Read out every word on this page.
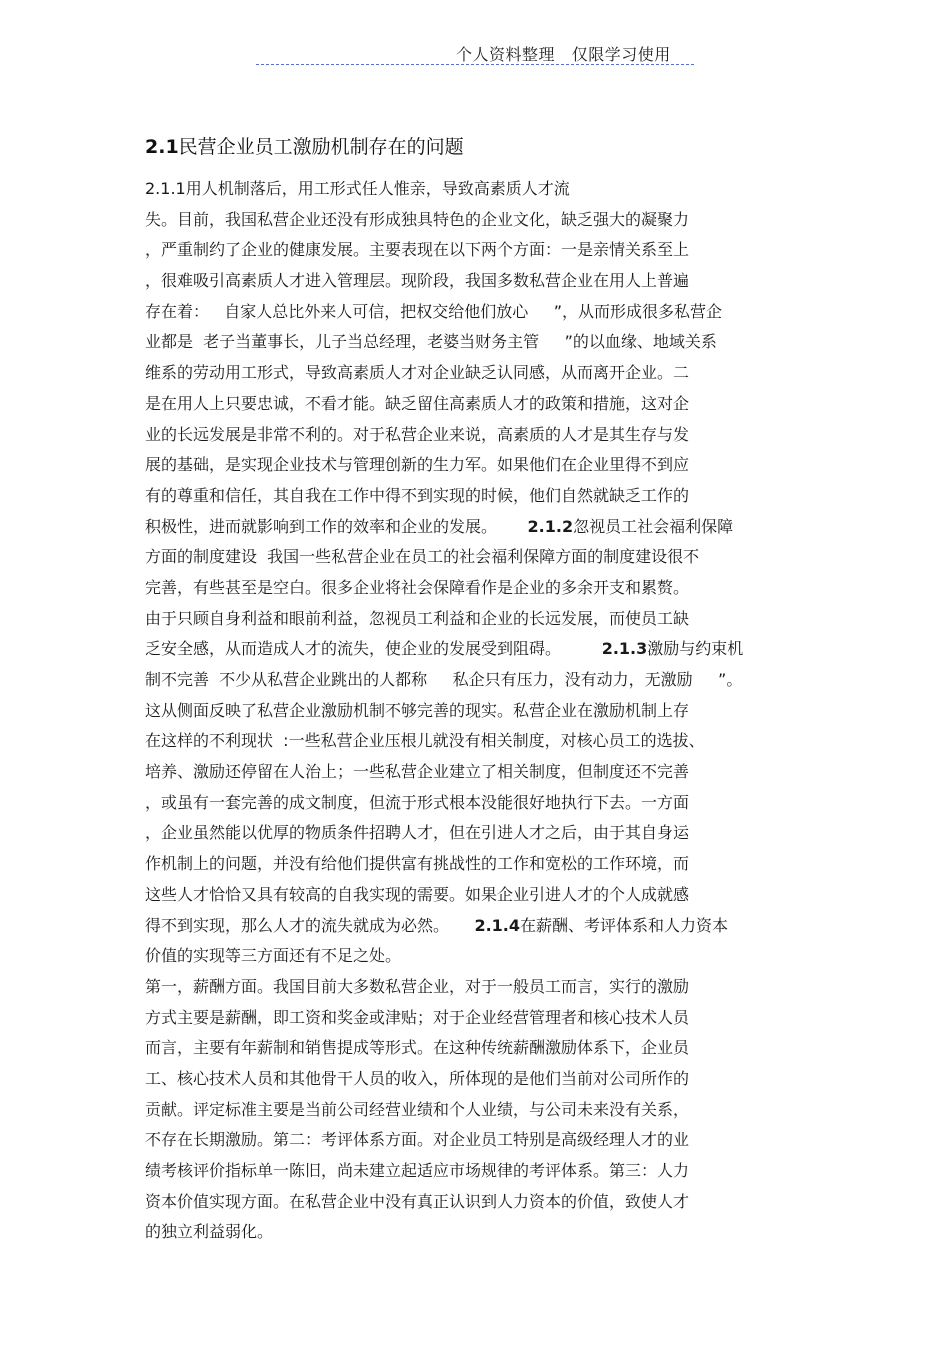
个人资料整理   仅限学习使用
2.1民营企业员工激励机制存在的问题
2.1.1用人机制落后，用工形式任人惟亲，导致高素质人才流
失。目前，我国私营企业还没有形成独具特色的企业文化，缺乏强大的凝聚力
，严重制约了企业的健康发展。主要表现在以下两个方面：一是亲情关系至上
，很难吸引高素质人才进入管理层。现阶段，我国多数私营企业在用人上普遍
存在着：   自家人总比外来人可信，把权交给他们放心     ”，从而形成很多私营企
业都是  老子当董事长，儿子当总经理，老婆当财务主管     ”的以血缘、地域关系
维系的劳动用工形式，导致高素质人才对企业缺乏认同感，从而离开企业。二
是在用人上只要忠诚，不看才能。缺乏留住高素质人才的政策和措施，这对企
业的长远发展是非常不利的。对于私营企业来说，高素质的人才是其生存与发
展的基础，是实现企业技术与管理创新的生力军。如果他们在企业里得不到应
有的尊重和信任，其自我在工作中得不到实现的时候，他们自然就缺乏工作的
积极性，进而就影响到工作的效率和企业的发展。      2.1.2忽视员工社会福利保障
方面的制度建设  我国一些私营企业在员工的社会福利保障方面的制度建设很不
完善，有些甚至是空白。很多企业将社会保障看作是企业的多余开支和累赘。
由于只顾自身利益和眼前利益，忽视员工利益和企业的长远发展，而使员工缺
乏安全感，从而造成人才的流失，使企业的发展受到阻碍。        2.1.3激励与约束机
制不完善  不少从私营企业跳出的人都称     私企只有压力，没有动力，无激励     ”。
这从侧面反映了私营企业激励机制不够完善的现实。私营企业在激励机制上存
在这样的不利现状  :一些私营企业压根儿就没有相关制度，对核心员工的选拔、
培养、激励还停留在人治上；一些私营企业建立了相关制度，但制度还不完善
，或虽有一套完善的成文制度，但流于形式根本没能很好地执行下去。一方面
，企业虽然能以优厚的物质条件招聘人才，但在引进人才之后，由于其自身运
作机制上的问题，并没有给他们提供富有挑战性的工作和宽松的工作环境，而
这些人才恰恰又具有较高的自我实现的需要。如果企业引进人才的个人成就感
得不到实现，那么人才的流失就成为必然。     2.1.4在薪酬、考评体系和人力资本
价值的实现等三方面还有不足之处。
第一，薪酬方面。我国目前大多数私营企业，对于一般员工而言，实行的激励
方式主要是薪酬，即工资和奖金或津贴；对于企业经营管理者和核心技术人员
而言，主要有年薪制和销售提成等形式。在这种传统薪酬激励体系下，企业员
工、核心技术人员和其他骨干人员的收入，所体现的是他们当前对公司所作的
贡献。评定标准主要是当前公司经营业绩和个人业绩，与公司未来没有关系，
不存在长期激励。第二：考评体系方面。对企业员工特别是高级经理人才的业
绩考核评价指标单一陈旧，尚未建立起适应市场规律的考评体系。第三：人力
资本价值实现方面。在私营企业中没有真正认识到人力资本的价值，致使人才
的独立利益弱化。
